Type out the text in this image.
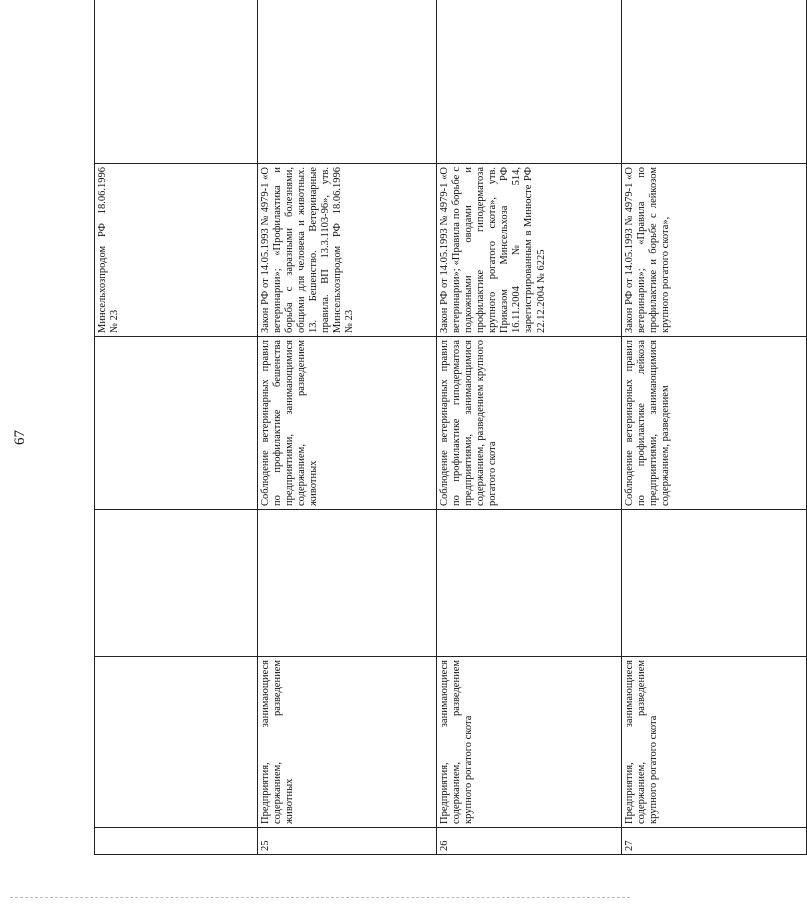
67
				Минсельхозпродом РФ 18.06.1996 № 23	
25	Предприятия, занимающиеся содержанием, разведением животных		Соблюдение ветеринарных правил по профилактике бешенства предприятиями, занимающимися содержанием, разведением животных	Закон РФ от 14.05.1993 № 4979-1 «О ветеринарии»; «Профилактика и борьба с заразными болезнями, общими для человека и животных. 13. Бешенство. Ветеринарные правила. ВП 13.3.1103-96», утв. Минсельхозпродом РФ 18.06.1996 № 23	
26	Предприятия, занимающиеся содержанием, разведением крупного рогатого скота		Соблюдение ветеринарных правил по профилактике гиподерматоза предприятиями, занимающимися содержанием, разведением крупного рогатого скота	Закон РФ от 14.05.1993 № 4979-1 «О ветеринарии»; «Правила по борьбе с подкожными оводами и профилактике гиподерматоза крупного рогатого скота», утв. Приказом Минсельхоза РФ 16.11.2004 № 514, зарегистрированным в Минюсте РФ 22.12.2004 № 6225	
27	Предприятия, занимающиеся содержанием, разведением крупного рогатого скота		Соблюдение ветеринарных правил по профилактике лейкоза предприятиями, занимающимися содержанием, разведением	Закон РФ от 14.05.1993 № 4979-1 «О ветеринарии»; «Правила по профилактике и борьбе с лейкозом крупного рогатого скота»,	
